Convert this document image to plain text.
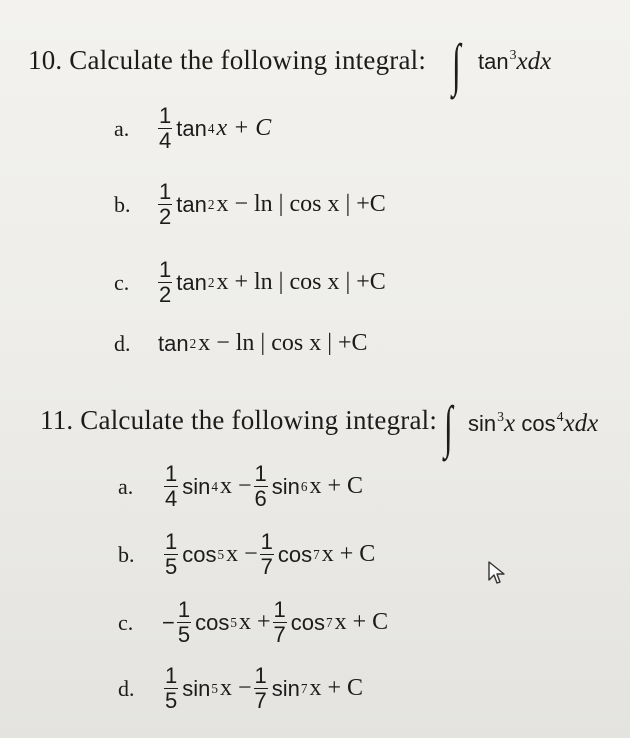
10. Calculate the following integral: ∫ $\tan^3xdx$
a.	$\frac{1}{4}$ tan 4 x + C
b.	$\frac{1}{2}$ tan 2 x − ln | cos x | +C
c.	$\frac{1}{2}$ tan 2 x + ln | cos x | +C
d.	tan 2 x − ln | cos x | +C
11. Calculate the following integral: ∫ $\sin^3x$ $\cos^4xdx$
a.	$\frac{1}{4}$ sin 4 $x - \frac{1}{6}$ sin 6 x + C
b.	$\frac{1}{5}$ cos 5 $x - \frac{1}{7}$ cos 7 x + C
c.	− $\frac{1}{5}$ cos 5 $x + \frac{1}{7}$ cos 7 x + C
d.	$\frac{1}{5}$ sin 5 $x - \frac{1}{7}$ sin 7 x + C
